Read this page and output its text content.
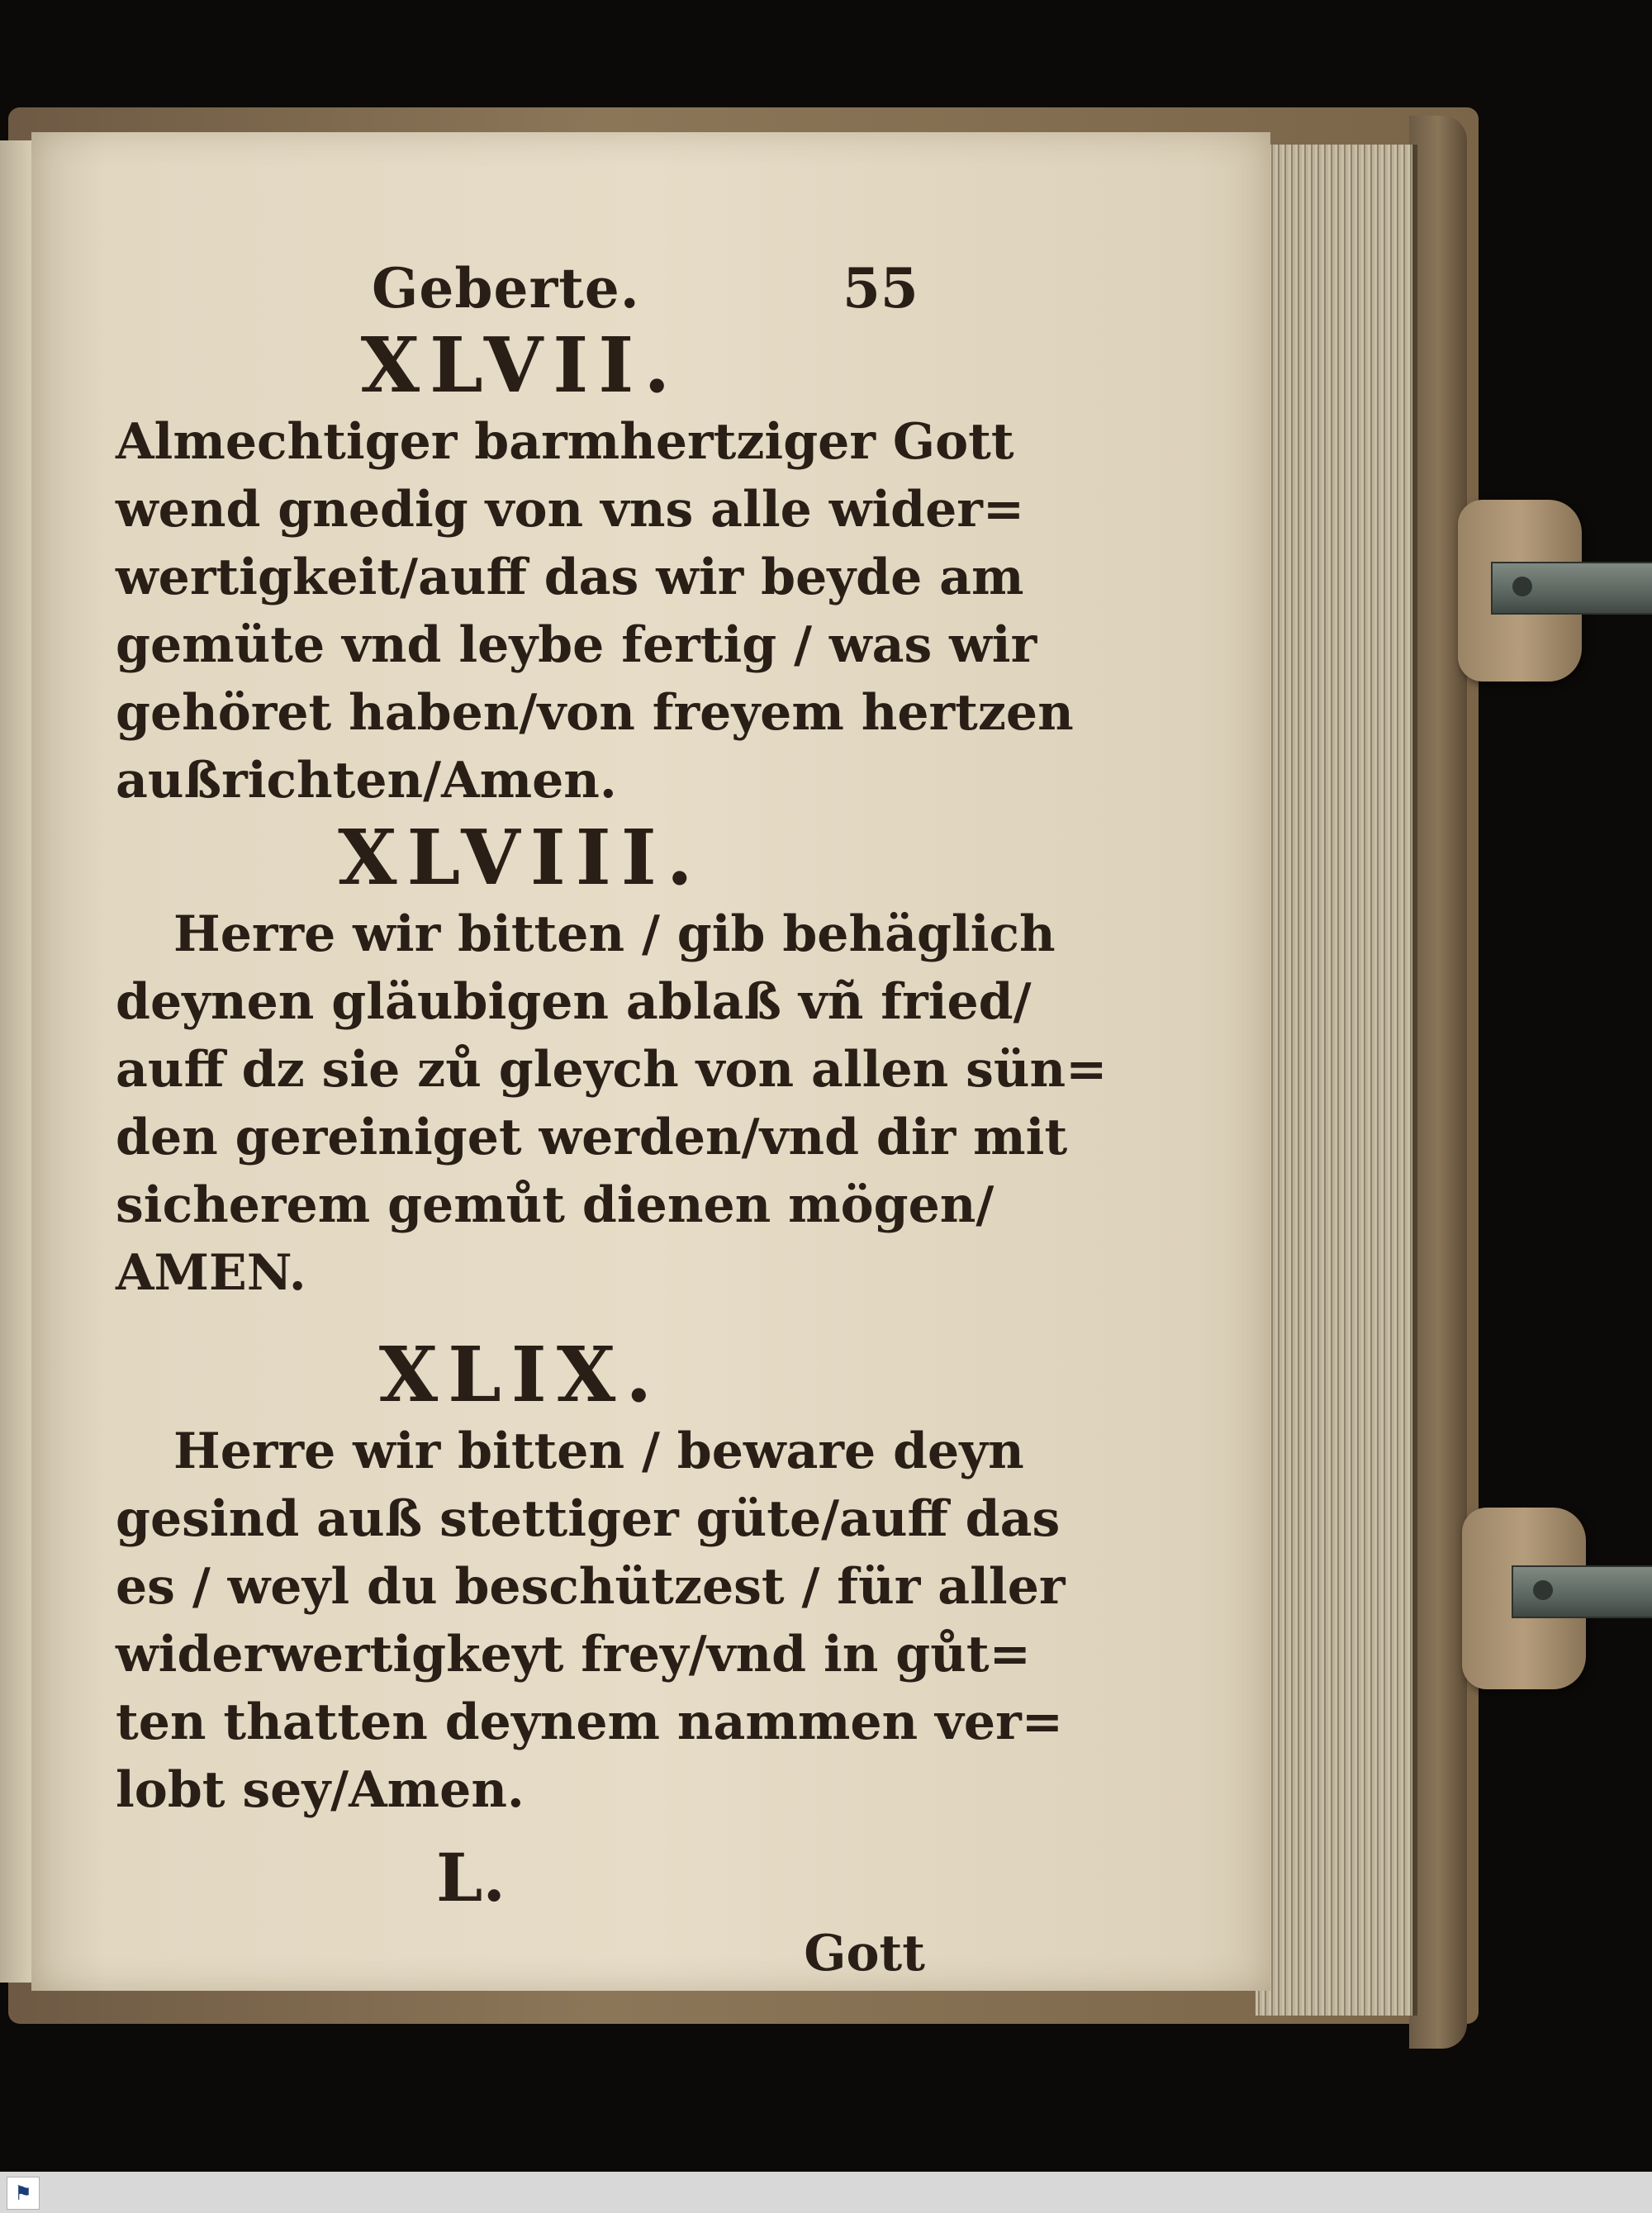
Geberte.	55

XLVII.

Almechtiger barmhertziger Gott

wend gnedig von vns alle wider=

wertigkeit/auff das wir beyde am

gemüte vnd leybe fertig / was wir

gehöret haben/von freyem hertzen

außrichten/Amen.

XLVIII.

Herre wir bitten / gib behäglich

deynen gläubigen ablaß vñ fried/

auff dz sie zů gleych von allen sün=

den gereiniget werden/vnd dir mit

sicherem gemůt dienen mögen/

AMEN.

XLIX.

Herre wir bitten / beware deyn

gesind auß stettiger güte/auff das

es / weyl du beschützest / für aller

widerwertigkeyt frey/vnd in gůt=

ten thatten deynem nammen ver=

lobt sey/Amen.

L.

Gott

⚑
